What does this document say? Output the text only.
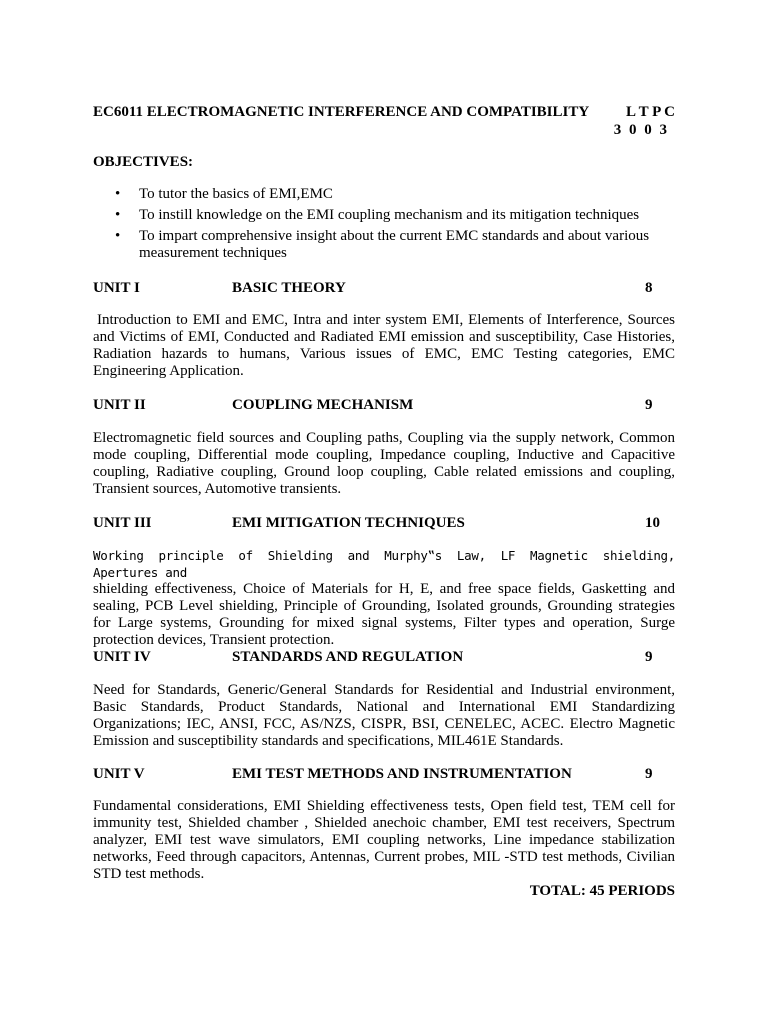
EC6011 ELECTROMAGNETIC INTERFERENCE AND COMPATIBILITY L T P C
3 0 0 3
OBJECTIVES:
• To tutor the basics of EMI,EMC
• To instill knowledge on the EMI coupling mechanism and its mitigation techniques
• To impart comprehensive insight about the current EMC standards and about various measurement techniques
UNIT I	BASIC THEORY	8
Introduction to EMI and EMC, Intra and inter system EMI, Elements of Interference, Sources and Victims of EMI, Conducted and Radiated EMI emission and susceptibility, Case Histories, Radiation hazards to humans, Various issues of EMC, EMC Testing categories, EMC Engineering Application.
UNIT II	COUPLING MECHANISM	9
Electromagnetic field sources and Coupling paths, Coupling via the supply network, Common mode coupling, Differential mode coupling, Impedance coupling, Inductive and Capacitive coupling, Radiative coupling, Ground loop coupling, Cable related emissions and coupling, Transient sources, Automotive transients.
UNIT III	EMI MITIGATION TECHNIQUES	10
Working principle of Shielding and Murphy‟s Law, LF Magnetic shielding, Apertures and
shielding effectiveness, Choice of Materials for H, E, and free space fields, Gasketting and sealing, PCB Level shielding, Principle of Grounding, Isolated grounds, Grounding strategies for Large systems, Grounding for mixed signal systems, Filter types and operation, Surge protection devices, Transient protection.
UNIT IV	STANDARDS AND REGULATION	9
Need for Standards, Generic/General Standards for Residential and Industrial environment, Basic Standards, Product Standards, National and International EMI Standardizing Organizations; IEC, ANSI, FCC, AS/NZS, CISPR, BSI, CENELEC, ACEC. Electro Magnetic Emission and susceptibility standards and specifications, MIL461E Standards.
UNIT V	EMI TEST METHODS AND INSTRUMENTATION	9
Fundamental considerations, EMI Shielding effectiveness tests, Open field test, TEM cell for immunity test, Shielded chamber , Shielded anechoic chamber, EMI test receivers, Spectrum analyzer, EMI test wave simulators, EMI coupling networks, Line impedance stabilization networks, Feed through capacitors, Antennas, Current probes, MIL -STD test methods, Civilian STD test methods.
TOTAL: 45 PERIODS
